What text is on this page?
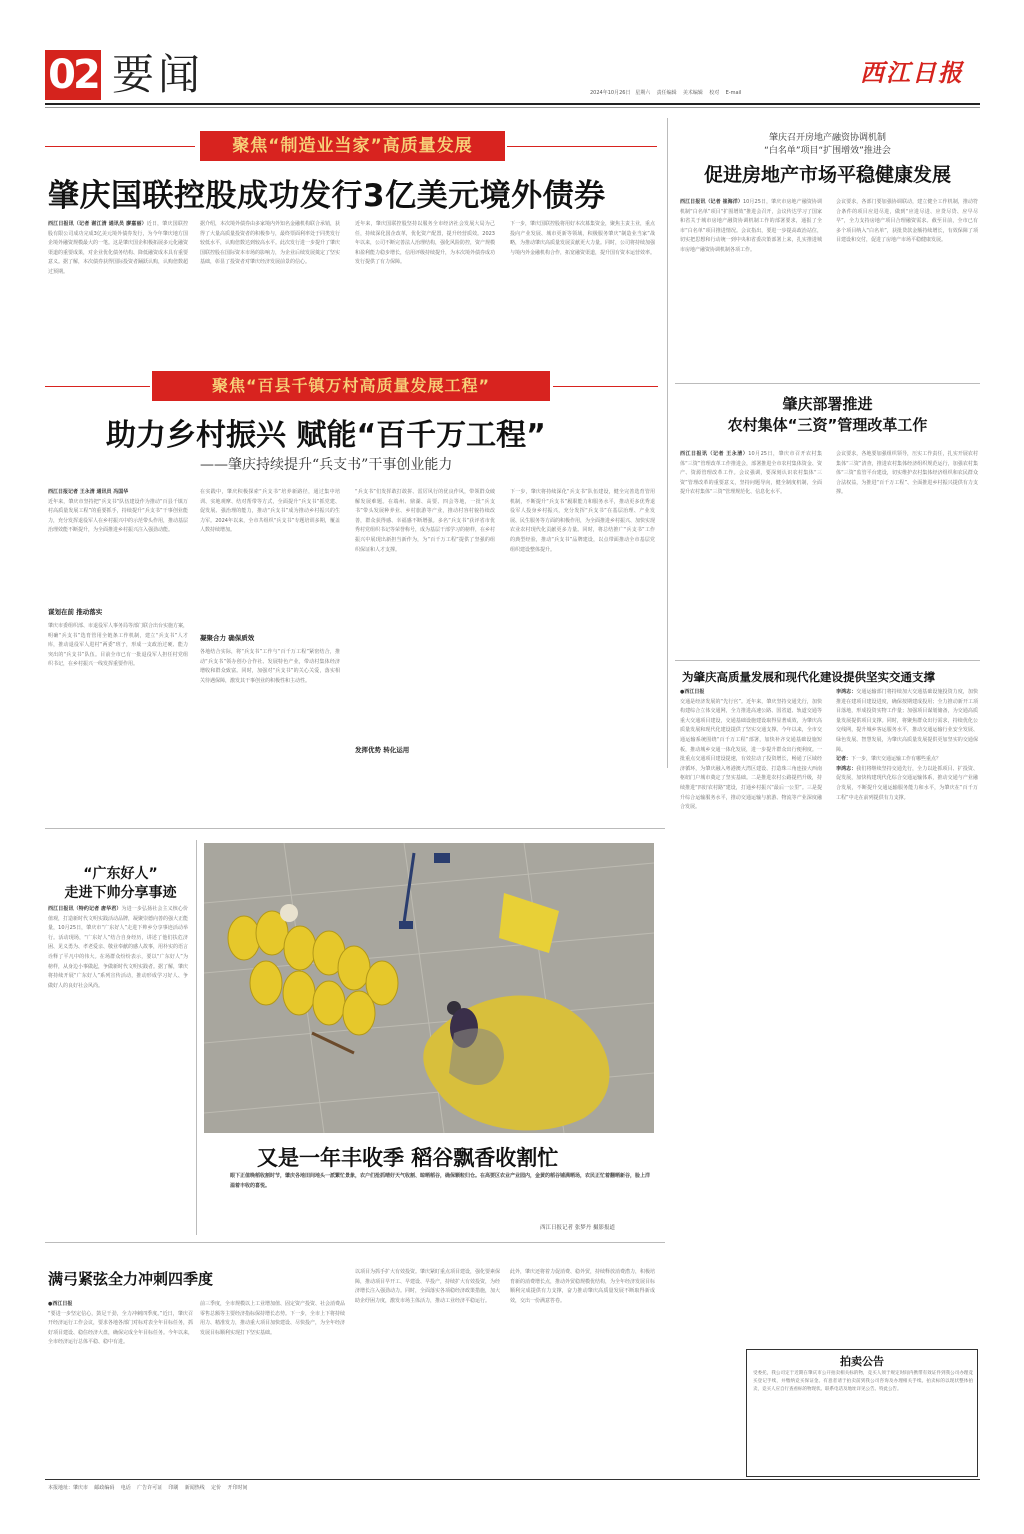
02 要闻	2024年10月26日   星期六    责任编辑    美术编辑    校对    E-mail
西江日报
聚焦“制造业当家”高质量发展
肇庆国联控股成功发行3亿美元境外债券
西江日报讯（记者 谢江清 通讯员 廖嘉丽）近日，肇庆国联控股有限公司成功完成3亿美元境外债券发行，为今年肇庆地方国企境外融资规模最大的一笔。这是肇庆国企积极拓展多元化融资渠道的重要成果，对企业优化债务结构、降低融资成本具有重要意义。据了解，本次债券获得国际投资者踊跃认购，认购倍数超过预期。
据介绍，本次境外债券由多家境内外知名金融机构联合承销，获得了大量高质量投资者的积极参与，最终票面利率处于同类发行较低水平，认购倍数达到较高水平。此次发行进一步提升了肇庆国联控股在国际资本市场的影响力，为企业后续发展奠定了坚实基础，彰显了投资者对肇庆经济发展前景的信心。
近年来，肇庆国联控股坚持以服务全市经济社会发展大局为己任，持续深化国企改革，优化资产配置，提升经营质效。2023年以来，公司不断完善法人治理结构，强化风险防控，资产规模和盈利能力稳步增长，信用评级持续提升，为本次境外债券成功发行提供了有力保障。
下一步，肇庆国联控股将用好本次募集资金，聚焦主责主业，重点投向产业发展、城市更新等领域，积极服务肇庆“制造业当家”战略，为推动肇庆高质量发展贡献更大力量。同时，公司将持续加强与境内外金融机构合作，拓宽融资渠道，提升国有资本运营效率。
肇庆召开房地产融资协调机制
“白名单”项目“扩围增效”推进会
促进房地产市场平稳健康发展
西江日报讯（记者 崔海洋）10月25日，肇庆市房地产融资协调机制“白名单”项目“扩围增效”推进会召开，会议传达学习了国家和省关于城市房地产融资协调机制工作的部署要求，通报了全市“白名单”项目推进情况。会议指出，要进一步提高政治站位，切实把思想和行动统一到中央和省委决策部署上来，扎实推进城市房地产融资协调机制各项工作。
会议要求，各部门要加强协调联动，建立健全工作机制，推动符合条件的项目应进尽进，做到“应进尽进、应贷尽贷、应早尽早”，全力支持房地产项目合理融资需求。截至目前，全市已有多个项目纳入“白名单”，获批贷款金额持续增长，有效保障了项目建设和交付，促进了房地产市场平稳健康发展。
聚焦“百县千镇万村高质量发展工程”
助力乡村振兴 赋能“百千万工程”
——肇庆持续提升“兵支书”干事创业能力
西江日报记者 王永清 通讯员 冯国华
近年来，肇庆市坚持把“兵支书”队伍建设作为推动“百县千镇万村高质量发展工程”的重要抓手，持续提升“兵支书”干事创业能力，充分发挥退役军人在乡村振兴中的示范带头作用，推动基层治理效能不断提升，为全面推进乡村振兴注入强劲动能。
谋划在前 推动落实
肇庆市委组织部、市退役军人事务局等部门联合出台实施方案，明确“兵支书”选育管用全链条工作机制，建立“兵支书”人才库，推动退役军人进村“两委”班子，形成一支政治过硬、能力突出的“兵支书”队伍。目前全市已有一批退役军人担任村党组织书记，在乡村振兴一线发挥重要作用。
在实践中，肇庆积极探索“兵支书”培养新路径，通过集中培训、实地观摩、结对帮带等方式，全面提升“兵支书”抓党建、促发展、强治理的能力，推动“兵支书”成为推动乡村振兴的生力军。2024年以来，全市共组织“兵支书”专题培训多期，覆盖人数持续增加。
凝聚合力 确保质效
各地结合实际，将“兵支书”工作与“百千万工程”紧密结合，推动“兵支书”领办创办合作社、发展特色产业，带动村集体经济增收和群众致富。同时，加强对“兵支书”的关心关爱，落实相关待遇保障，激发其干事创业的积极性和主动性。
“兵支书”们发挥敢打敢拼、雷厉风行的优良作风，带领群众破解发展难题。在端州、鼎湖、高要、四会等地，一批“兵支书”带头发展种养业、乡村旅游等产业，推动村容村貌持续改善，群众获得感、幸福感不断增强。多名“兵支书”获评省市优秀村党组织书记等荣誉称号，成为基层干部学习的榜样，在乡村振兴中展现出新担当新作为，为“百千万工程”提供了坚强的组织保证和人才支撑。
发挥优势 转化运用
下一步，肇庆将持续深化“兵支书”队伍建设，健全完善选育管用机制，不断提升“兵支书”履职能力和服务水平，推动更多优秀退役军人投身乡村振兴，充分发挥“兵支书”在基层治理、产业发展、民生服务等方面的积极作用，为全面推进乡村振兴、加快实现农业农村现代化贡献更多力量。同时，将总结推广“兵支书”工作的典型经验，推动“兵支书”品牌建设，以点带面推动全市基层党组织建设整体提升。
肇庆部署推进
农村集体“三资”管理改革工作
西江日报讯（记者 王永清）10月25日，肇庆市召开农村集体“三资”管理改革工作推进会，部署推进全市农村集体资金、资产、资源管理改革工作。会议强调，要深刻认识农村集体“三资”管理改革的重要意义，坚持问题导向，健全制度机制，全面提升农村集体“三资”管理规范化、信息化水平。
会议要求，各地要加强组织领导，压实工作责任，扎实开展农村集体“三资”清查，推进农村集体经济组织规范运行，加强农村集体“三资”监管平台建设，切实维护农村集体经济组织和农民群众合法权益，为推进“百千万工程”、全面推进乡村振兴提供有力支撑。
为肇庆高质量发展和现代化建设提供坚实交通支撑
●西江日报
交通是经济发展的“先行官”。近年来，肇庆坚持交通先行，加快构建综合立体交通网，全力推进高速公路、国省道、轨道交通等重大交通项目建设，交通基础设施建设取得显著成效，为肇庆高质量发展和现代化建设提供了坚实交通支撑。今年以来，全市交通运输系统围绕“百千万工程”部署，加快补齐交通基础设施短板，推动城乡交通一体化发展，进一步提升群众出行便利度。一批重点交通项目建设提速，有效拉动了投资增长，畅通了区域经济循环，为肇庆融入粤港澳大湾区建设、打造珠三角连接大西南枢纽门户城市奠定了坚实基础。二是推进农村公路提档升级，持续推进“四好农村路”建设，打通乡村振兴“最后一公里”。三是提升综合运输服务水平，推动交通运输与旅游、物流等产业深度融合发展。
李鸿志：交通运输部门将持续加大交通基础设施投资力度，加快推进在建项目建设进度，确保按期建成投用；全力推动新开工项目落地，形成投资实物工作量；加强项目谋划储备，为交通高质量发展提供项目支撑。同时，将聚焦群众出行需求，持续优化公交线网，提升城乡客运服务水平，推动交通运输行业安全发展、绿色发展、智慧发展，为肇庆高质量发展提供更加坚实的交通保障。
记者：下一步，肇庆交通运输工作有哪些重点？
李鸿志：我们将继续坚持交通先行，全力以赴抓项目、扩投资、促发展，加快构建现代化综合交通运输体系，推动交通与产业融合发展，不断提升交通运输服务能力和水平，为肇庆在“百千万工程”中走在前列提供有力支撑。
“广东好人”
走进下帅分享事迹
西江日报讯（特约记者 唐华君）为进一步弘扬社会主义核心价值观，打造新时代文明实践活动品牌，凝聚崇德向善的强大正能量，10月25日，肇庆市“广东好人”走进下帅乡分享事迹活动举行。活动现场，“广东好人”结合自身经历，讲述了他们扶危济困、见义勇为、孝老爱亲、敬业奉献的感人故事，用朴实的语言诠释了平凡中的伟大。在场群众纷纷表示，要以“广东好人”为榜样，从身边小事做起，争做新时代文明实践者。据了解，肇庆将持续开展“广东好人”系列宣传活动，推动形成学习好人、争做好人的良好社会风尚。
又是一年丰收季 稻谷飘香收割忙
眼下正值晚稻收割时节，肇庆各地田间地头一派繁忙景象，农户们抢抓晴好天气收割、晾晒稻谷，确保颗粒归仓。在高要区农业产业园内，金黄的稻谷铺满晒场，农民正忙着翻晒新谷，脸上洋溢着丰收的喜悦。
西江日报记者 张梦丹 摄影报道
满弓紧弦全力冲刺四季度
●西江日报
“要进一步坚定信心，鼓足干劲，全力冲刺四季度。”近日，肇庆召开经济运行工作会议，要求各地各部门对标对表全年目标任务，抓好项目建设、稳住经济大盘，确保完成全年目标任务。今年以来，全市经济运行总体平稳、稳中有进。
前三季度，全市规模以上工业增加值、固定资产投资、社会消费品零售总额等主要经济指标保持增长态势。下一步，全市上下将持续用力、精准发力，推动重大项目加快建设、尽快投产，为全年经济发展目标顺利实现打下坚实基础。
以项目为抓手扩大有效投资。肇庆紧盯重点项目建设，强化要素保障，推动项目早开工、早建设、早投产，持续扩大有效投资，为经济增长注入强劲动力。同时，全面落实各项稳经济政策措施，加大助企纾困力度，激发市场主体活力，推动工业经济平稳运行。
此外，肇庆还将着力促消费、稳外贸，持续释放消费潜力，积极培育新的消费增长点，推动外贸稳规模优结构，为全年经济发展目标顺利完成提供有力支撑，奋力推动肇庆高质量发展不断取得新成效，交出一份满意答卷。
拍卖公告
受委托，我公司定于近期在肇庆市公开拍卖相关标的物，竞买人须于规定时间内携带有效证件到我公司办理竞买登记手续，并缴纳竞买保证金。有意者请于拍卖前到我公司咨询及办理相关手续。拍卖标的以现状整体拍卖，竞买人应自行查看标的物现状。联系电话及地址详见公告。特此公告。
本报地址：肇庆市    邮政编码    电话    广告许可证    印刷    新闻热线    定价    开印时间
